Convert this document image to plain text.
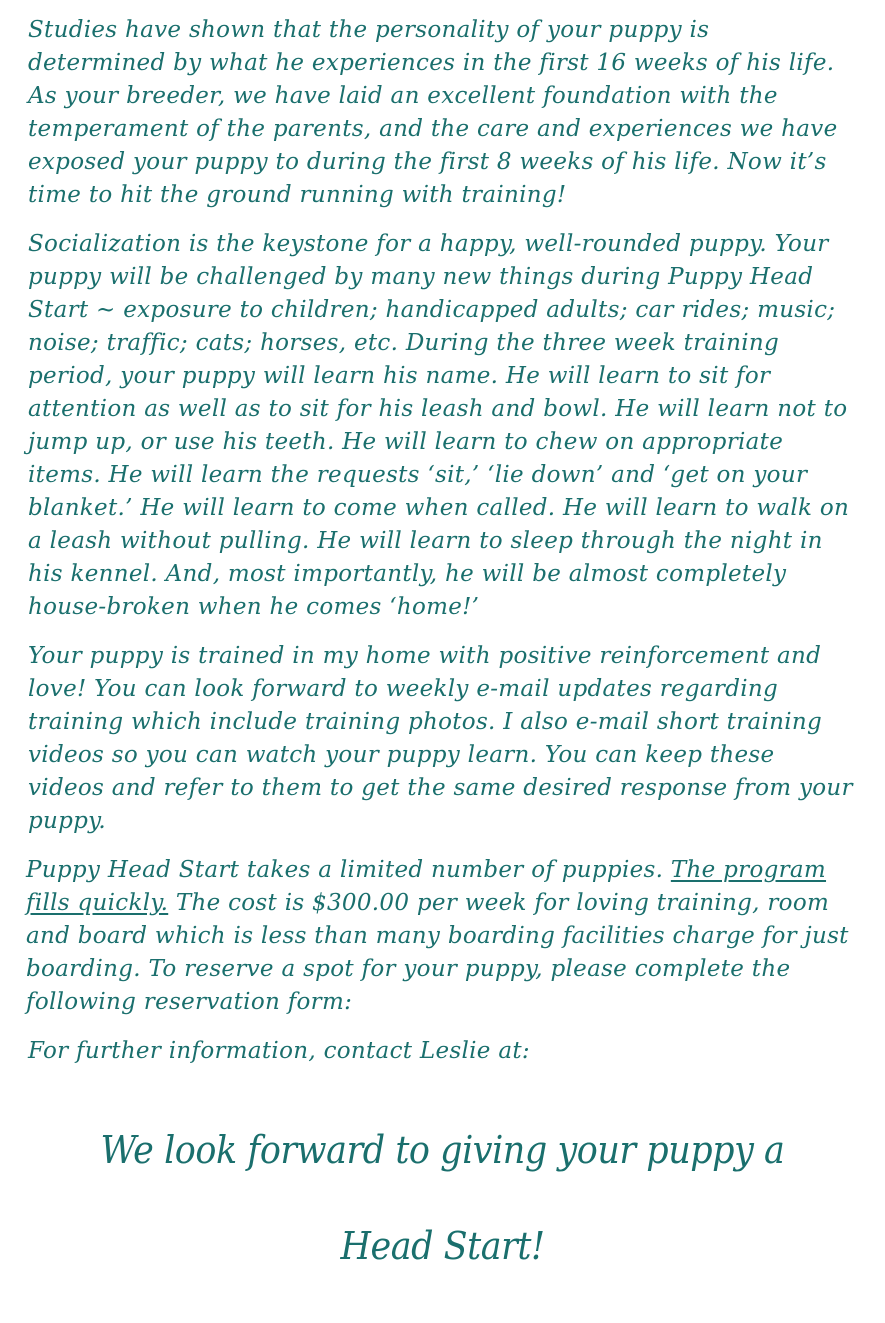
Studies have shown that the personality of your puppy is determined by what he experiences in the first 16 weeks of his life. As your breeder, we have laid an excellent foundation with the temperament of the parents, and the care and experiences we have exposed your puppy to during the first 8 weeks of his life. Now it’s time to hit the ground running with training!

Socialization is the keystone for a happy, well-rounded puppy. Your puppy will be challenged by many new things during Puppy Head Start ~ exposure to children; handicapped adults; car rides; music; noise; traffic; cats; horses, etc. During the three week training period, your puppy will learn his name. He will learn to sit for attention as well as to sit for his leash and bowl. He will learn not to jump up, or use his teeth. He will learn to chew on appropriate items. He will learn the requests ‘sit,’ ‘lie down’ and ‘get on your blanket.’ He will learn to come when called. He will learn to walk on a leash without pulling. He will learn to sleep through the night in his kennel. And, most importantly, he will be almost completely house-broken when he comes ‘home!’

Your puppy is trained in my home with positive reinforcement and love! You can look forward to weekly e-mail updates regarding training which include training photos. I also e-mail short training videos so you can watch your puppy learn. You can keep these videos and refer to them to get the same desired response from your puppy.

Puppy Head Start takes a limited number of puppies. The program fills quickly. The cost is $300.00 per week for loving training, room and board which is less than many boarding facilities charge for just boarding. To reserve a spot for your puppy, please complete the following reservation form:

For further information, contact Leslie at:

We look forward to giving your puppy a
Head Start!
